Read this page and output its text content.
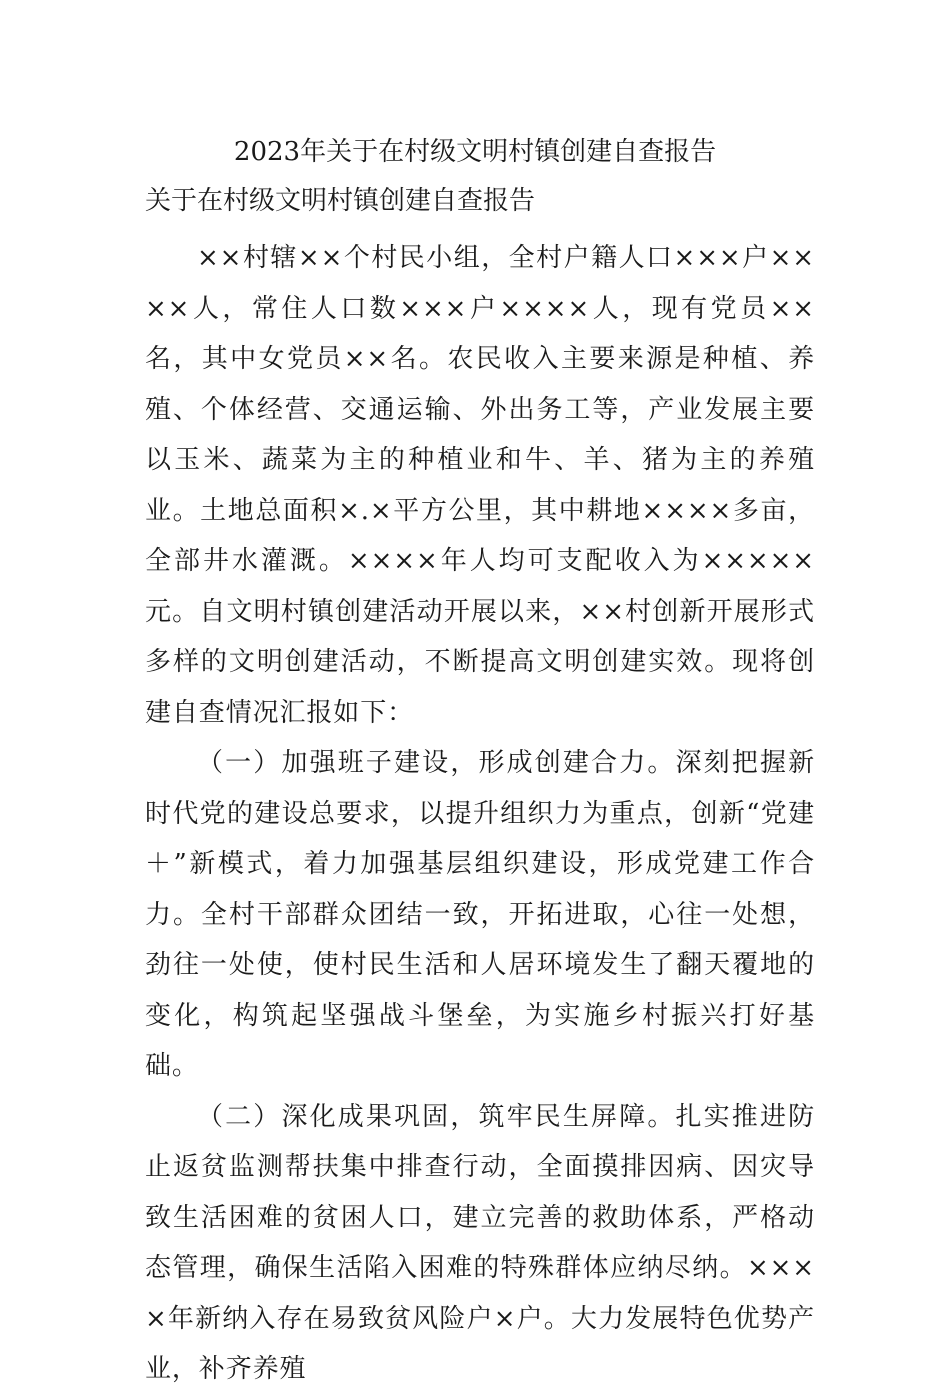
2023年关于在村级文明村镇创建自查报告
关于在村级文明村镇创建自查报告

××村辖××个村民小组，全村户籍人口×××户××××人，常住人口数×××户××××人，现有党员××名，其中女党员××名。农民收入主要来源是种植、养殖、个体经营、交通运输、外出务工等，产业发展主要以玉米、蔬菜为主的种植业和牛、羊、猪为主的养殖业。土地总面积×.×平方公里，其中耕地××××多亩，全部井水灌溉。××××年人均可支配收入为×××××元。自文明村镇创建活动开展以来，××村创新开展形式多样的文明创建活动，不断提高文明创建实效。现将创建自查情况汇报如下：

（一）加强班子建设，形成创建合力。深刻把握新时代党的建设总要求，以提升组织力为重点，创新“党建＋”新模式，着力加强基层组织建设，形成党建工作合力。全村干部群众团结一致，开拓进取，心往一处想，劲往一处使，使村民生活和人居环境发生了翻天覆地的变化，构筑起坚强战斗堡垒，为实施乡村振兴打好基础。

（二）深化成果巩固，筑牢民生屏障。扎实推进防止返贫监测帮扶集中排查行动，全面摸排因病、因灾导致生活困难的贫困人口，建立完善的救助体系，严格动态管理，确保生活陷入困难的特殊群体应纳尽纳。××××年新纳入存在易致贫风险户×户。大力发展特色优势产业，补齐养殖
